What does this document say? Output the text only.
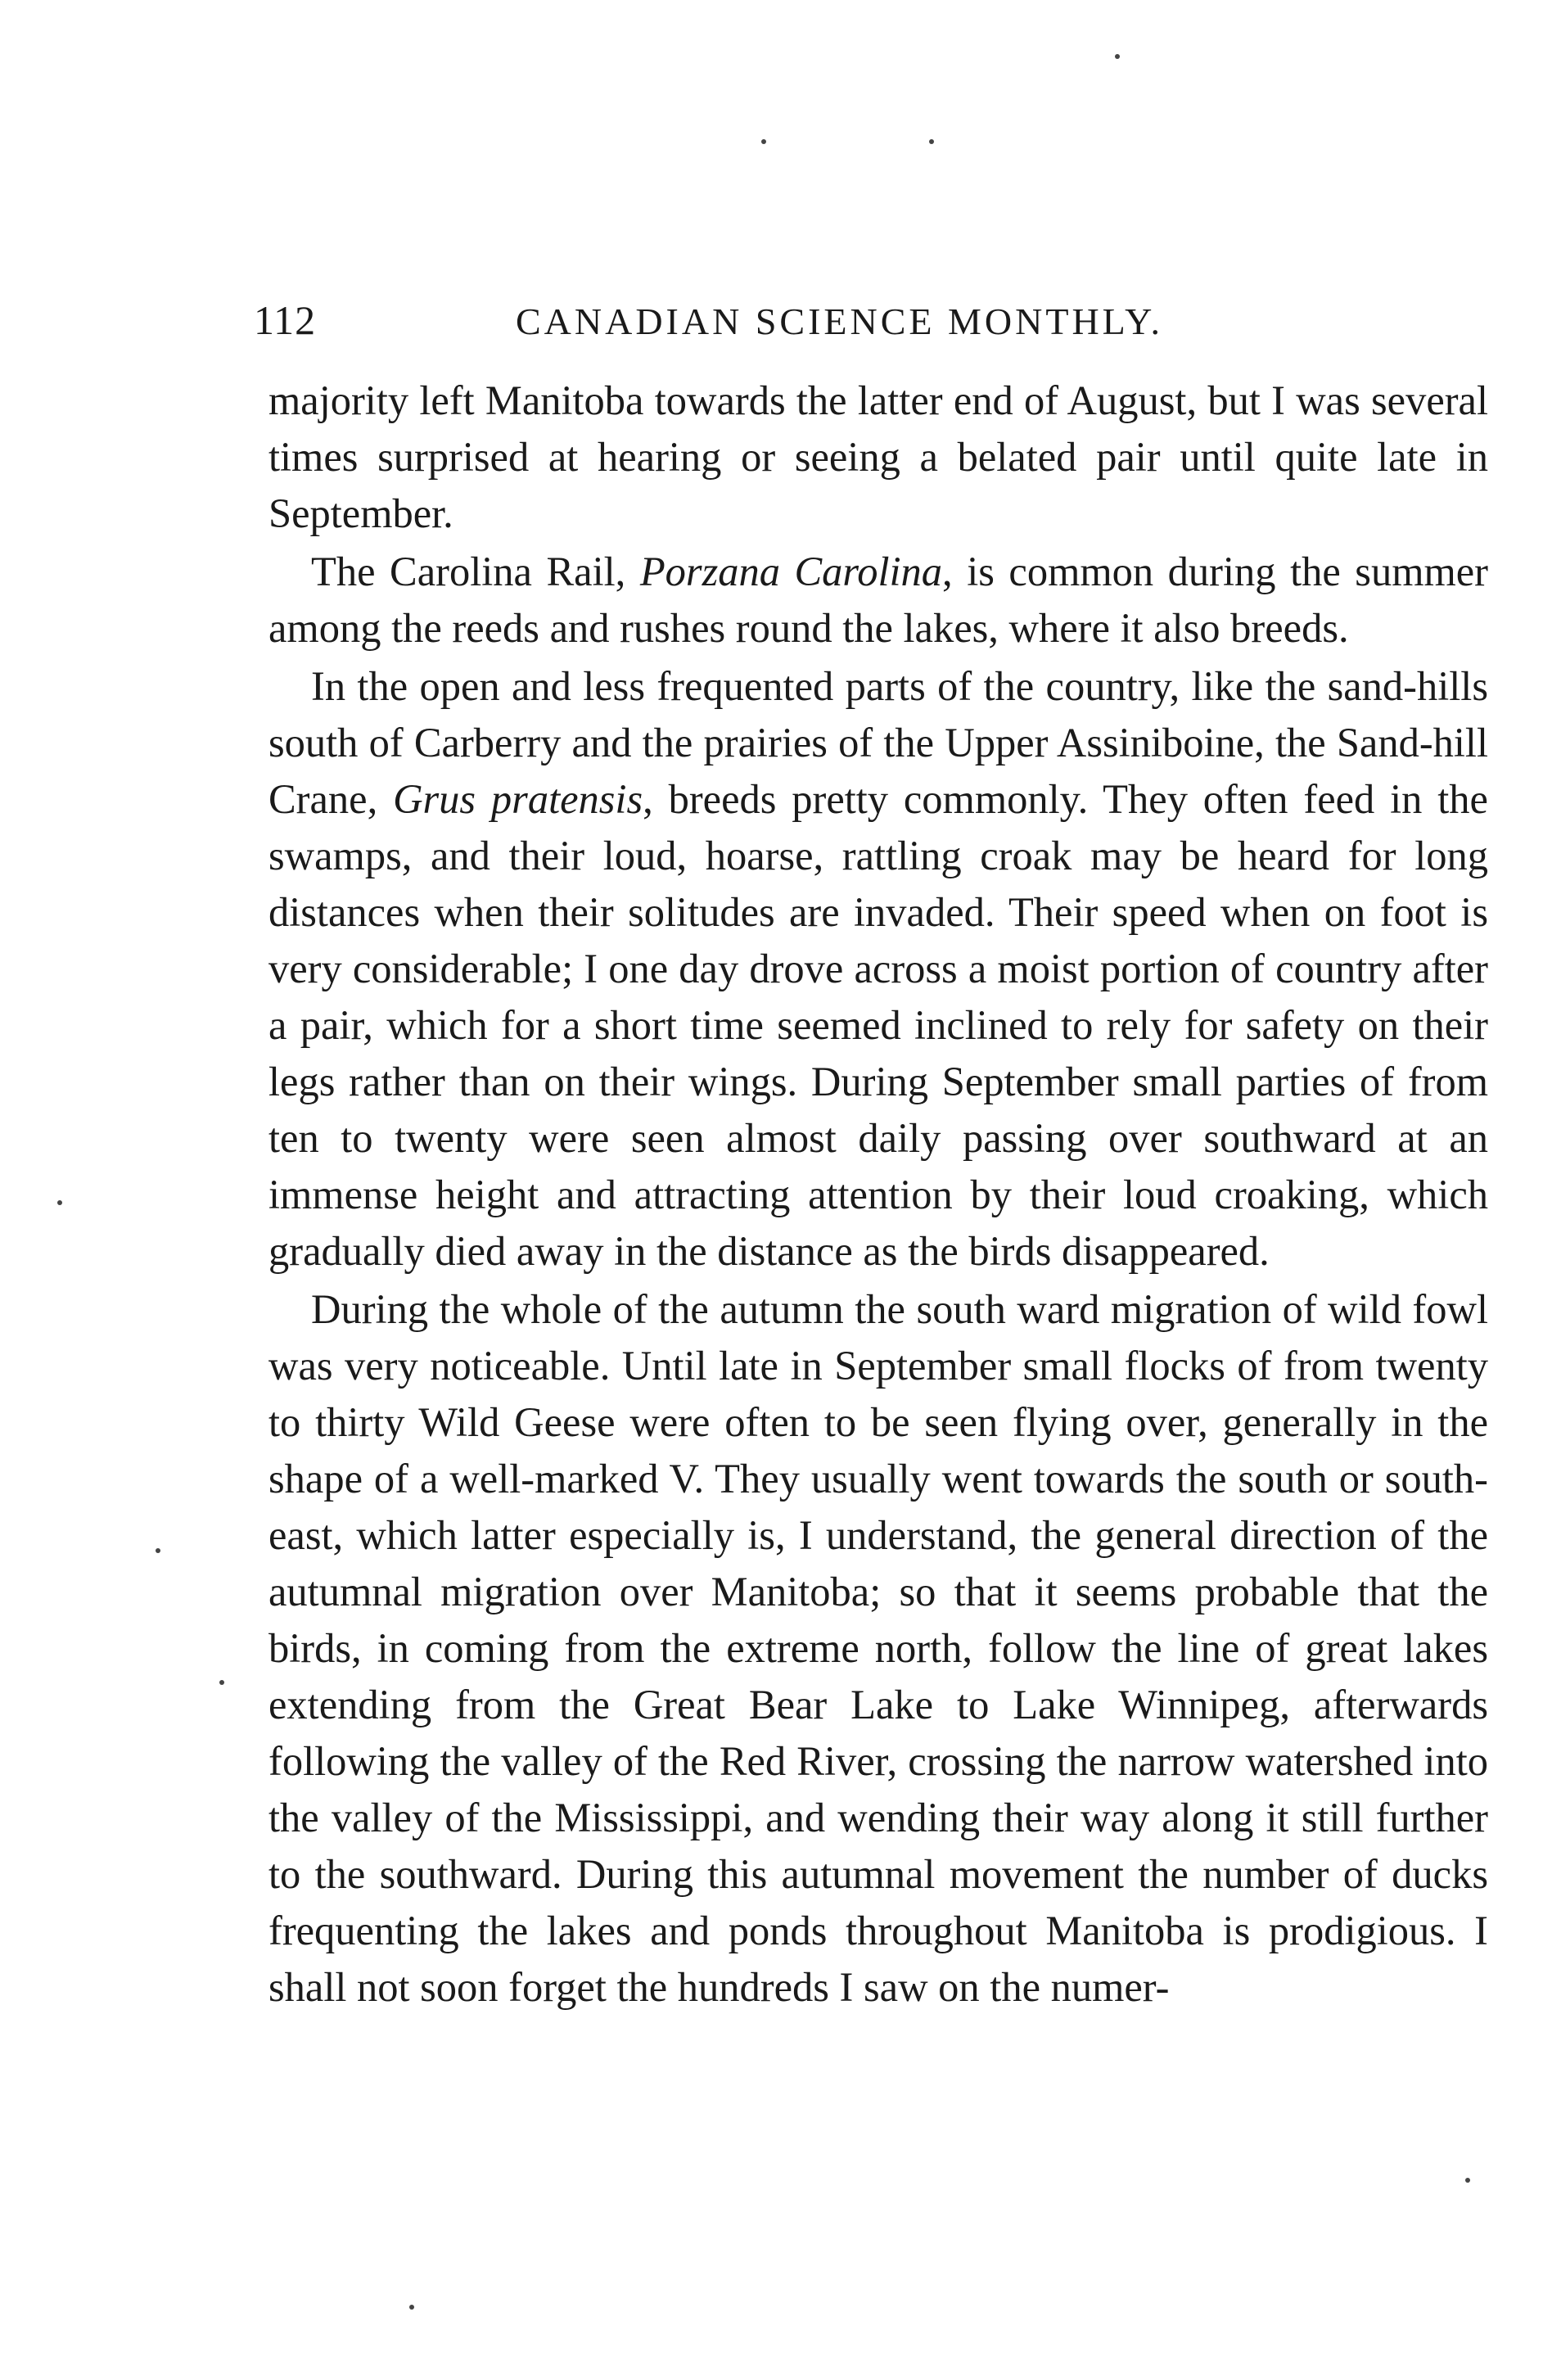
112	CANADIAN SCIENCE MONTHLY.

majority left Manitoba towards the latter end of August, but I was several times surprised at hearing or seeing a belated pair until quite late in September.

The Carolina Rail, Porzana Carolina, is common during the summer among the reeds and rushes round the lakes, where it also breeds.

In the open and less frequented parts of the country, like the sand-hills south of Carberry and the prairies of the Upper Assiniboine, the Sand-hill Crane, Grus pratensis, breeds pretty commonly. They often feed in the swamps, and their loud, hoarse, rattling croak may be heard for long distances when their solitudes are invaded. Their speed when on foot is very considerable; I one day drove across a moist portion of country after a pair, which for a short time seemed inclined to rely for safety on their legs rather than on their wings. During September small parties of from ten to twenty were seen almost daily passing over southward at an immense height and attracting attention by their loud croaking, which gradually died away in the distance as the birds disappeared.

During the whole of the autumn the south ward migration of wild fowl was very noticeable. Until late in September small flocks of from twenty to thirty Wild Geese were often to be seen flying over, generally in the shape of a well-marked V. They usually went towards the south or south-east, which latter especially is, I understand, the general direction of the autumnal migration over Manitoba; so that it seems probable that the birds, in coming from the extreme north, follow the line of great lakes extending from the Great Bear Lake to Lake Winnipeg, afterwards following the valley of the Red River, crossing the narrow watershed into the valley of the Mississippi, and wending their way along it still further to the southward. During this autumnal movement the number of ducks frequenting the lakes and ponds throughout Manitoba is prodigious. I shall not soon forget the hundreds I saw on the numer-
